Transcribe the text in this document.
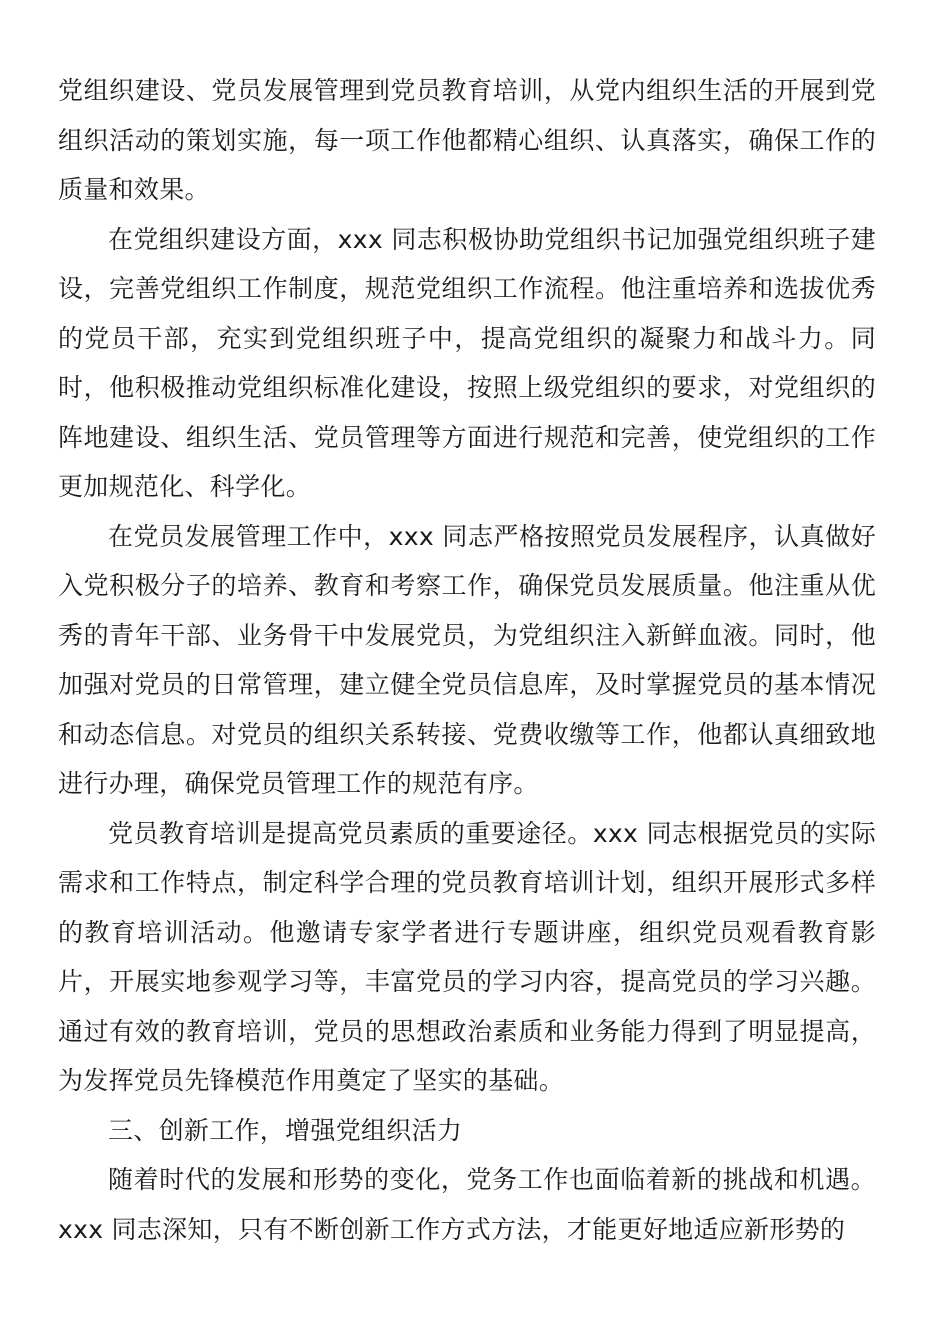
党组织建设、党员发展管理到党员教育培训，从党内组织生活的开展到党组织活动的策划实施，每一项工作他都精心组织、认真落实，确保工作的质量和效果。

在党组织建设方面，xxx 同志积极协助党组织书记加强党组织班子建设，完善党组织工作制度，规范党组织工作流程。他注重培养和选拔优秀的党员干部，充实到党组织班子中，提高党组织的凝聚力和战斗力。同时，他积极推动党组织标准化建设，按照上级党组织的要求，对党组织的阵地建设、组织生活、党员管理等方面进行规范和完善，使党组织的工作更加规范化、科学化。

在党员发展管理工作中，xxx 同志严格按照党员发展程序，认真做好入党积极分子的培养、教育和考察工作，确保党员发展质量。他注重从优秀的青年干部、业务骨干中发展党员，为党组织注入新鲜血液。同时，他加强对党员的日常管理，建立健全党员信息库，及时掌握党员的基本情况和动态信息。对党员的组织关系转接、党费收缴等工作，他都认真细致地进行办理，确保党员管理工作的规范有序。

党员教育培训是提高党员素质的重要途径。xxx 同志根据党员的实际需求和工作特点，制定科学合理的党员教育培训计划，组织开展形式多样的教育培训活动。他邀请专家学者进行专题讲座，组织党员观看教育影片，开展实地参观学习等，丰富党员的学习内容，提高党员的学习兴趣。通过有效的教育培训，党员的思想政治素质和业务能力得到了明显提高，为发挥党员先锋模范作用奠定了坚实的基础。

三、创新工作，增强党组织活力

随着时代的发展和形势的变化，党务工作也面临着新的挑战和机遇。xxx 同志深知，只有不断创新工作方式方法，才能更好地适应新形势的
